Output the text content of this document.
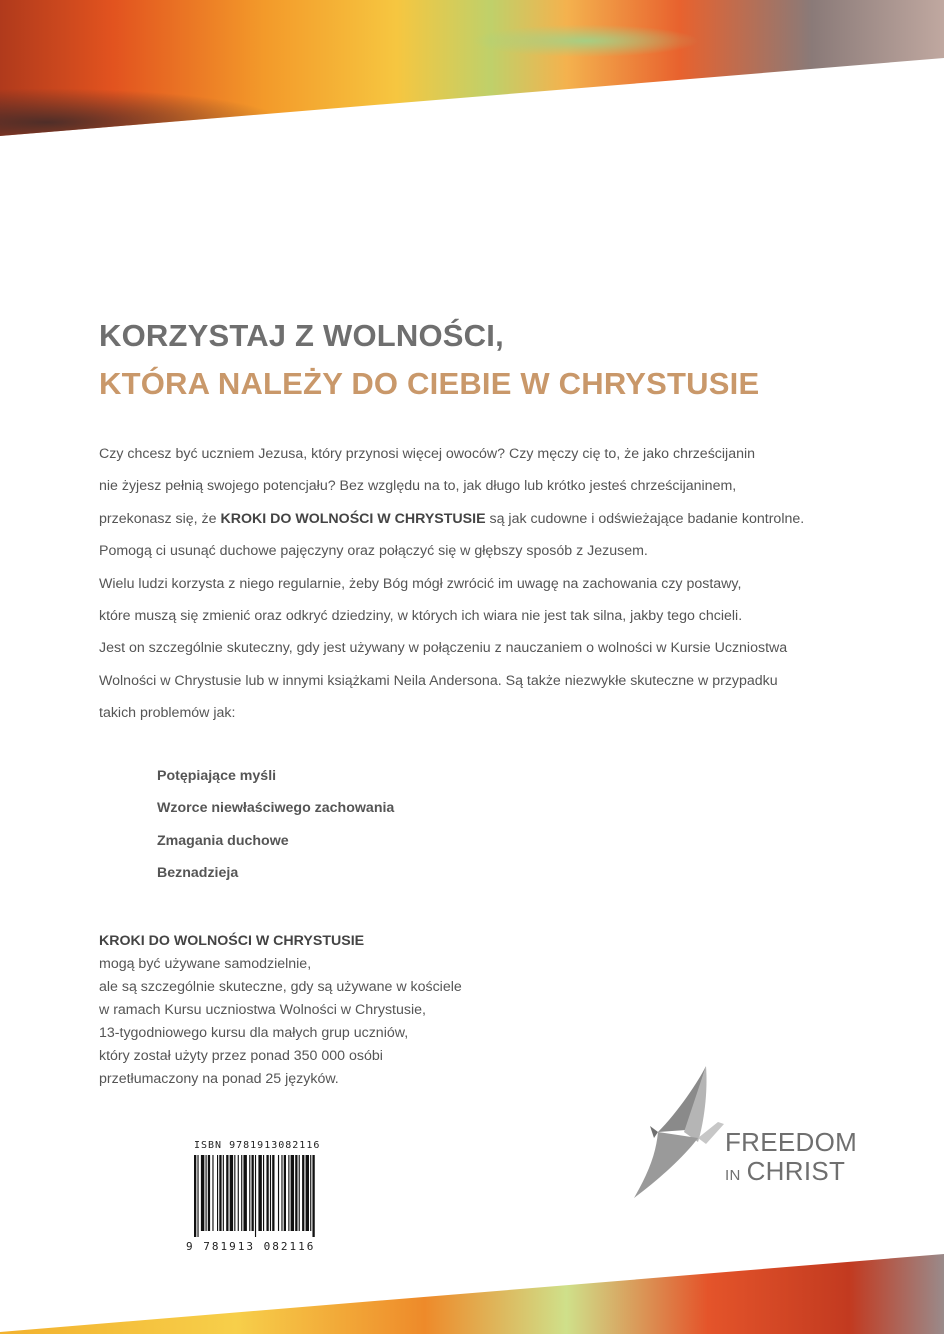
KORZYSTAJ Z WOLNOŚCI,
KTÓRA NALEŻY DO CIEBIE W CHRYSTUSIE
Czy chcesz być uczniem Jezusa, który przynosi więcej owoców? Czy męczy cię to, że jako chrześcijanin
nie żyjesz pełnią swojego potencjału? Bez względu na to, jak długo lub krótko jesteś chrześcijaninem,
przekonasz się, że KROKI DO WOLNOŚCI W CHRYSTUSIE są jak cudowne i odświeżające badanie kontrolne.
Pomogą ci usunąć duchowe pajęczyny oraz połączyć się w głębszy sposób z Jezusem.
Wielu ludzi korzysta z niego regularnie, żeby Bóg mógł zwrócić im uwagę na zachowania czy postawy,
które muszą się zmienić oraz odkryć dziedziny, w których ich wiara nie jest tak silna, jakby tego chcieli.
Jest on szczególnie skuteczny, gdy jest używany w połączeniu z nauczaniem o wolności w Kursie Uczniostwa
Wolności w Chrystusie lub w innymi książkami Neila Andersona. Są także niezwykłe skuteczne w przypadku
takich problemów jak:
Potępiające myśli
Wzorce niewłaściwego zachowania
Zmagania duchowe
Beznadzieja
KROKI DO WOLNOŚCI W CHRYSTUSIE
mogą być używane samodzielnie,
ale są szczególnie skuteczne, gdy są używane w kościele
w ramach Kursu uczniostwa Wolności w Chrystusie,
13-tygodniowego kursu dla małych grup uczniów,
który został użyty przez ponad 350 000 osóbi
przetłumaczony na ponad 25 języków.
ISBN 9781913082116
9 781913 082116
FREEDOM
IN CHRIST
